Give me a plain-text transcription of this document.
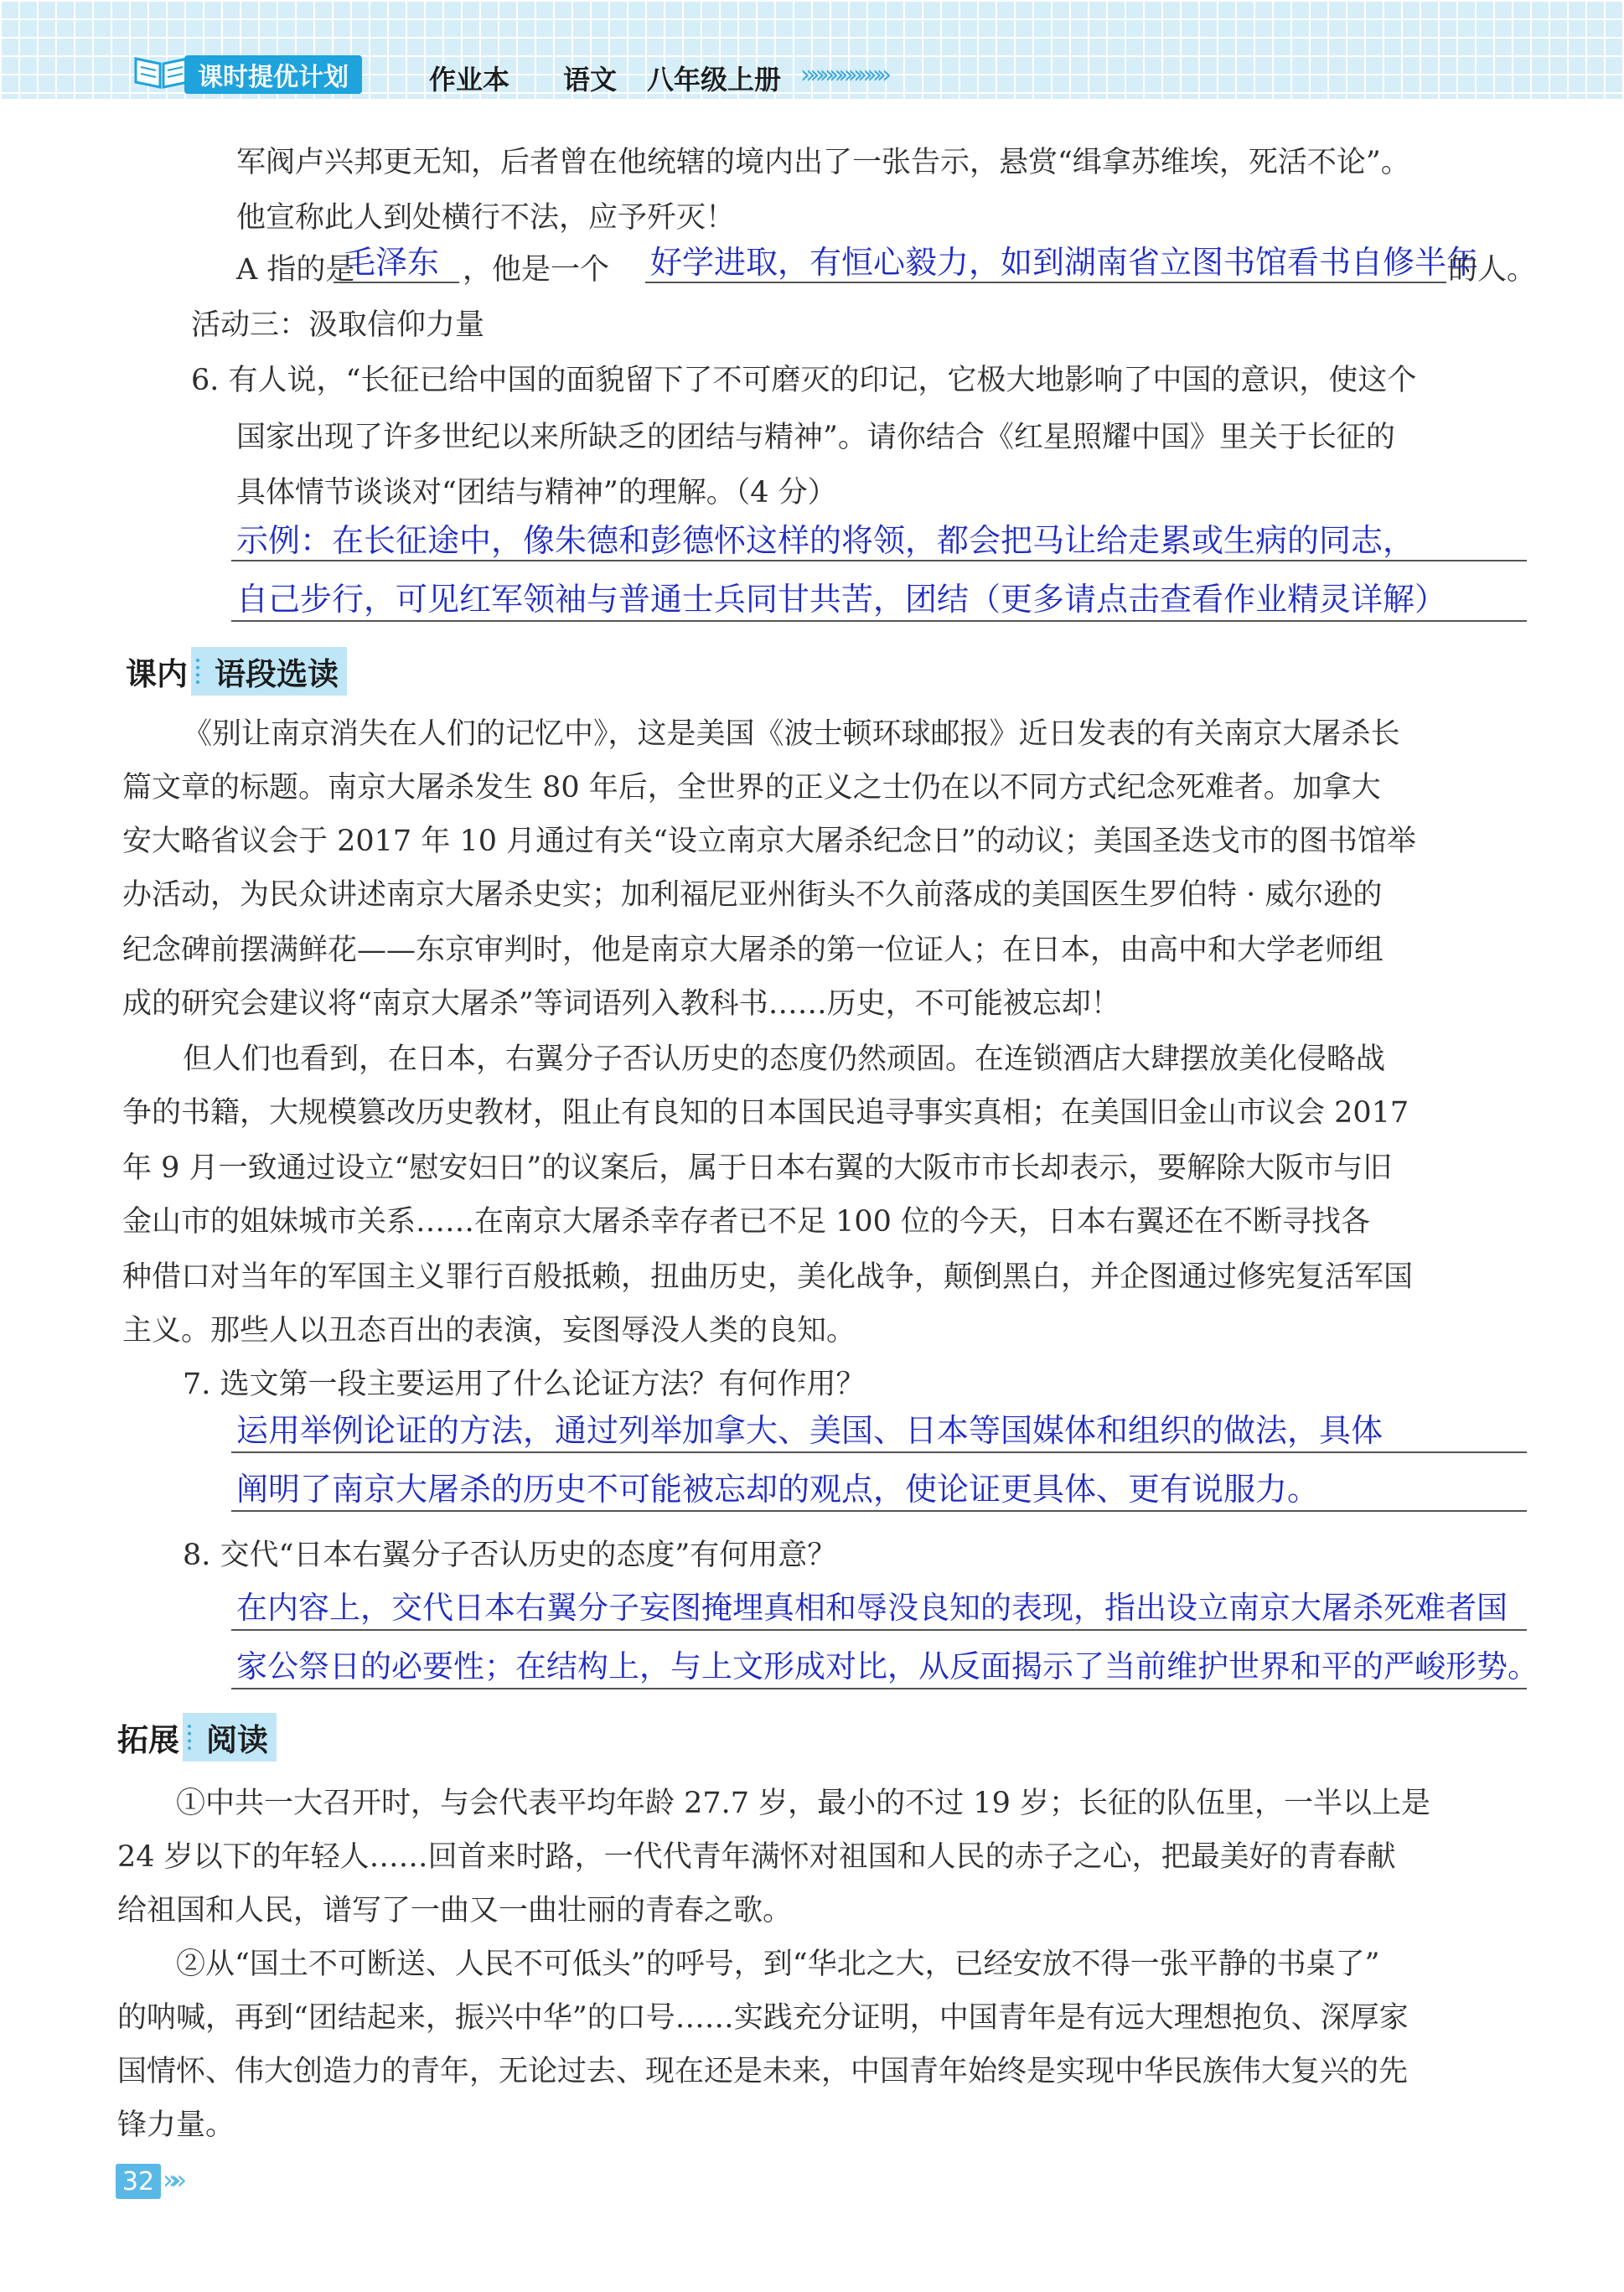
课时提优计划	作业本 语文 八年级上册 »»»»»»»»»
军阀卢兴邦更无知，后者曾在他统辖的境内出了一张告示，悬赏“缉拿苏维埃，死活不论”。
他宣称此人到处横行不法，应予歼灭！
A 指的是
毛泽东 ，他是一个 好学进取，有恒心毅力，如到湖南省立图书馆看书自修半年
的人。
活动三：汲取信仰力量
6. 有人说，“长征已给中国的面貌留下了不可磨灭的印记，它极大地影响了中国的意识，使这个
国家出现了许多世纪以来所缺乏的团结与精神”。请你结合《红星照耀中国》里关于长征的
具体情节谈谈对“团结与精神”的理解。（4 分）
示例：在长征途中，像朱德和彭德怀这样的将领，都会把马让给走累或生病的同志，
自己步行，可见红军领袖与普通士兵同甘共苦，团结（更多请点击查看作业精灵详解）
课内 语段选读
《别让南京消失在人们的记忆中》，这是美国《波士顿环球邮报》近日发表的有关南京大屠杀长
篇文章的标题。南京大屠杀发生 80 年后，全世界的正义之士仍在以不同方式纪念死难者。加拿大
安大略省议会于 2017 年 10 月通过有关“设立南京大屠杀纪念日”的动议；美国圣迭戈市的图书馆举
办活动，为民众讲述南京大屠杀史实；加利福尼亚州街头不久前落成的美国医生罗伯特 · 威尔逊的
纪念碑前摆满鲜花——东京审判时，他是南京大屠杀的第一位证人；在日本，由高中和大学老师组
成的研究会建议将“南京大屠杀”等词语列入教科书……历史，不可能被忘却！
但人们也看到，在日本，右翼分子否认历史的态度仍然顽固。在连锁酒店大肆摆放美化侵略战
争的书籍，大规模篡改历史教材，阻止有良知的日本国民追寻事实真相；在美国旧金山市议会 2017
年 9 月一致通过设立“慰安妇日”的议案后，属于日本右翼的大阪市市长却表示，要解除大阪市与旧
金山市的姐妹城市关系……在南京大屠杀幸存者已不足 100 位的今天，日本右翼还在不断寻找各
种借口对当年的军国主义罪行百般抵赖，扭曲历史，美化战争，颠倒黑白，并企图通过修宪复活军国
主义。那些人以丑态百出的表演，妄图辱没人类的良知。
7. 选文第一段主要运用了什么论证方法？有何作用？
运用举例论证的方法，通过列举加拿大、美国、日本等国媒体和组织的做法，具体
阐明了南京大屠杀的历史不可能被忘却的观点，使论证更具体、更有说服力。
8. 交代“日本右翼分子否认历史的态度”有何用意？
在内容上，交代日本右翼分子妄图掩埋真相和辱没良知的表现，指出设立南京大屠杀死难者国
家公祭日的必要性；在结构上，与上文形成对比，从反面揭示了当前维护世界和平的严峻形势。
拓展 阅读
①中共一大召开时，与会代表平均年龄 27.7 岁，最小的不过 19 岁；长征的队伍里，一半以上是
24 岁以下的年轻人……回首来时路，一代代青年满怀对祖国和人民的赤子之心，把最美好的青春献
给祖国和人民，谱写了一曲又一曲壮丽的青春之歌。
②从“国土不可断送、人民不可低头”的呼号，到“华北之大，已经安放不得一张平静的书桌了”
的呐喊，再到“团结起来，振兴中华”的口号……实践充分证明，中国青年是有远大理想抱负、深厚家
国情怀、伟大创造力的青年，无论过去、现在还是未来，中国青年始终是实现中华民族伟大复兴的先
锋力量。
32 »»
